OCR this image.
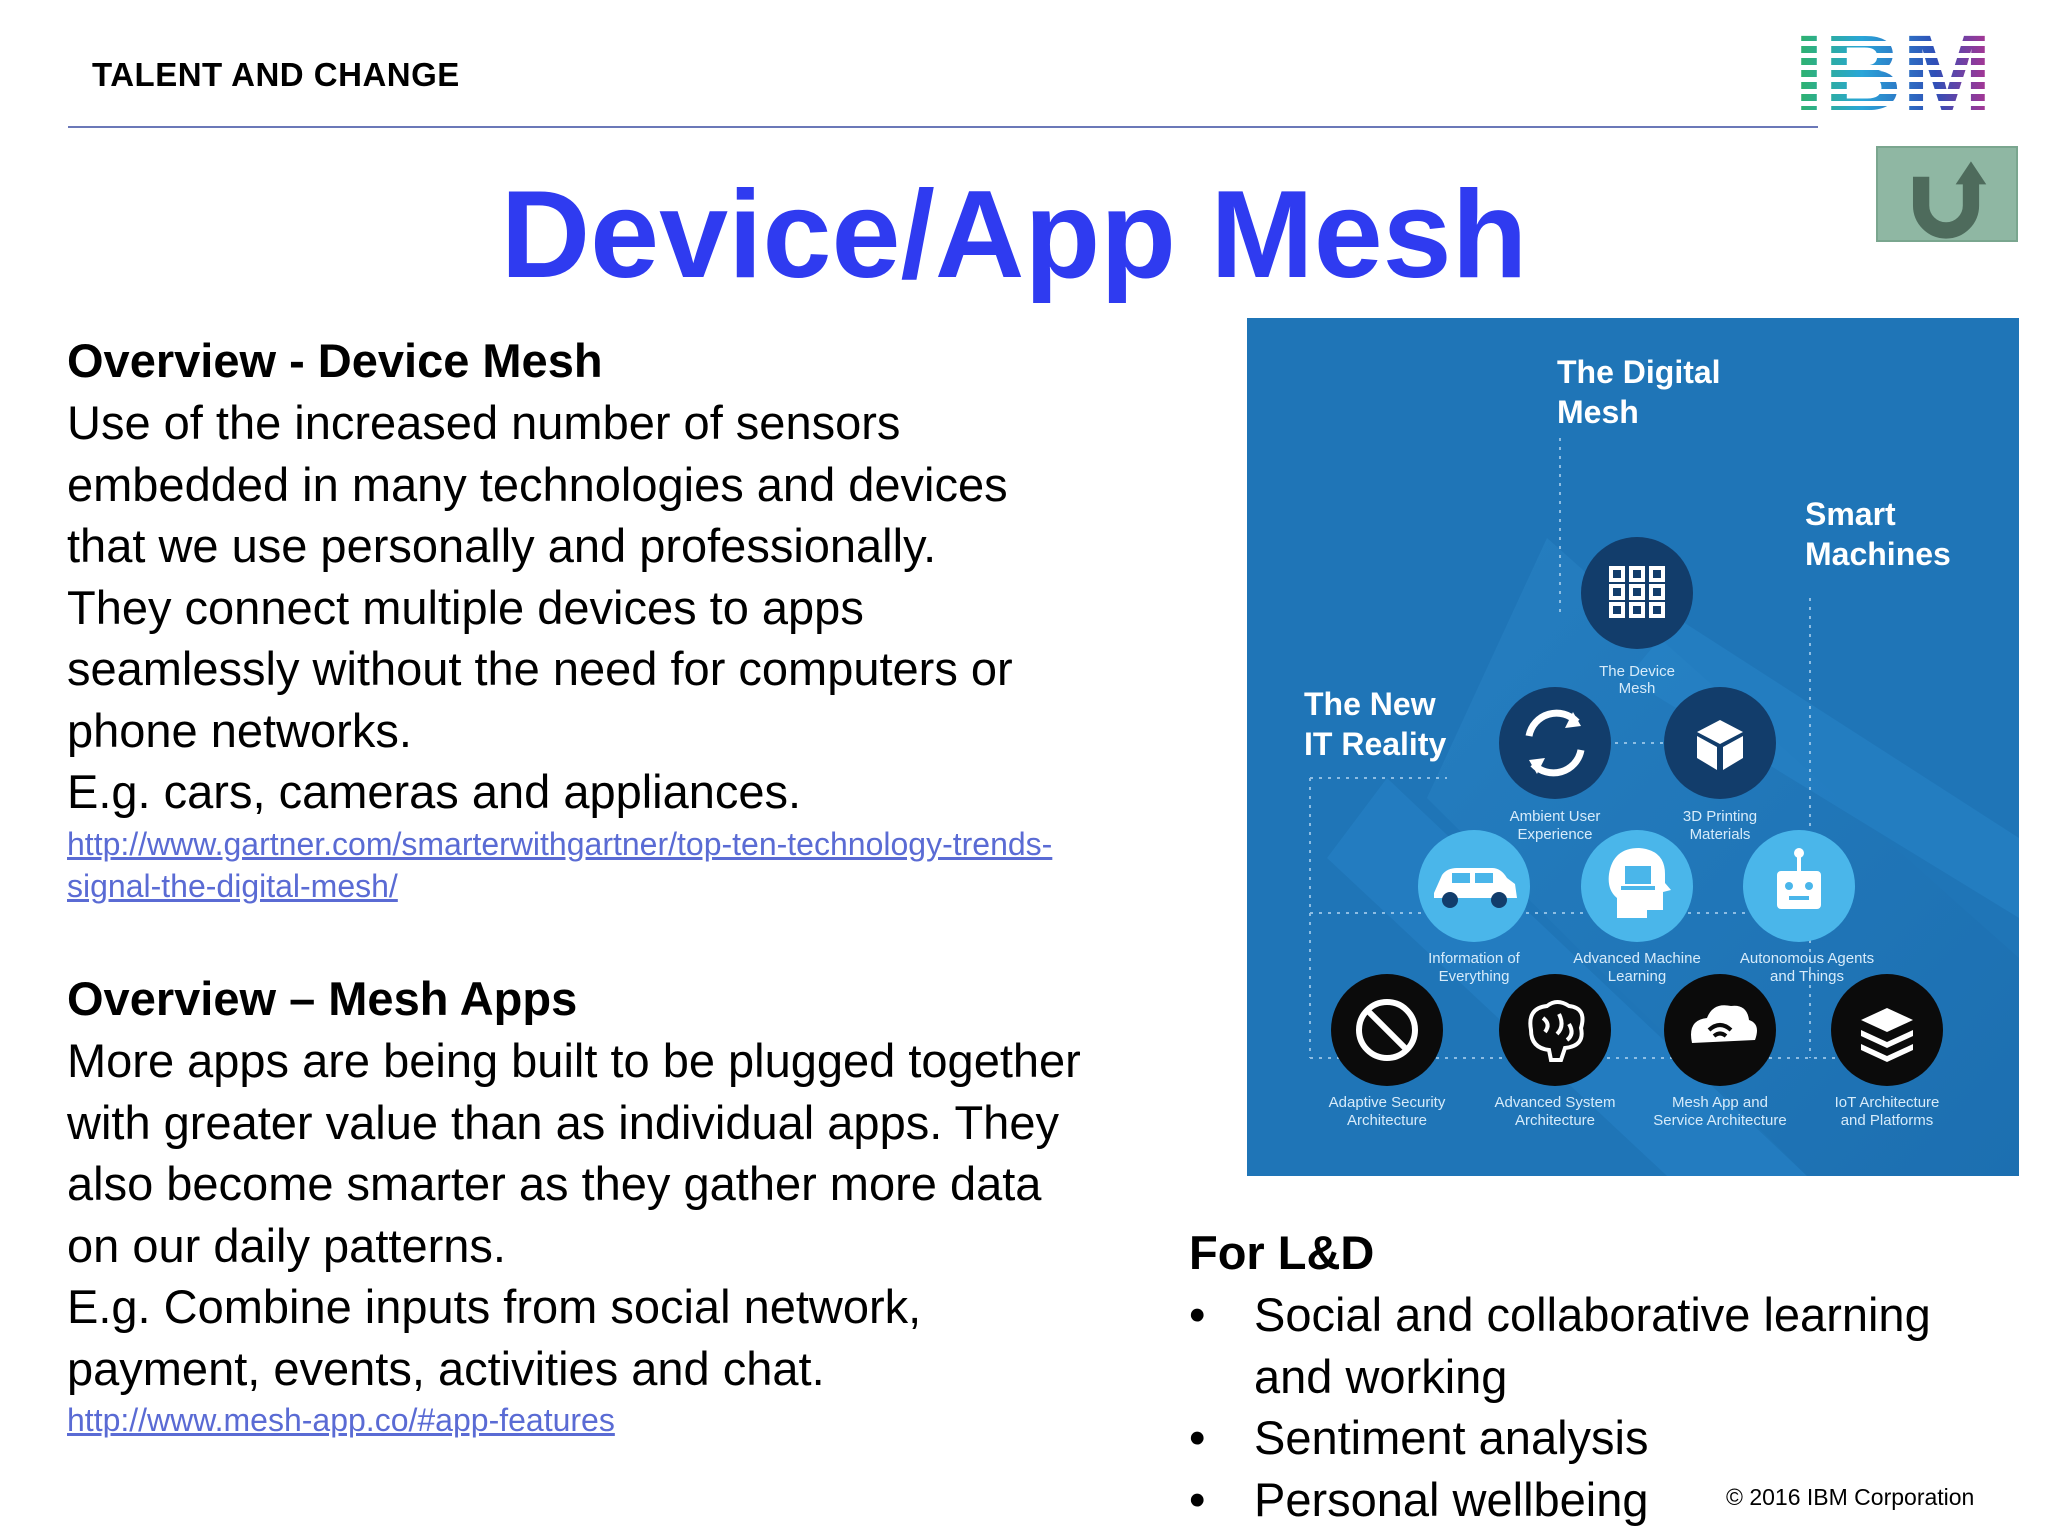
TALENT AND CHANGE	IBM
Device/App Mesh
Overview - Device Mesh
Use of the increased number of sensors
embedded in many technologies and devices
that we use personally and professionally.
They connect multiple devices to apps
seamlessly without the need for computers or
phone networks.
E.g. cars, cameras and appliances.
http://www.gartner.com/smarterwithgartner/top-ten-technology-trends-
signal-the-digital-mesh/
Overview – Mesh Apps
More apps are being built to be plugged together
with greater value than as individual apps. They
also become smarter as they gather more data
on our daily patterns.
E.g. Combine inputs from social network,
payment, events, activities and chat.
http://www.mesh-app.co/#app-features
The Digital
Mesh
Smart
Machines
The New
IT Reality
The Device
Mesh
Ambient User
Experience
3D Printing
Materials
Information of
Everything
Advanced Machine
Learning
Autonomous Agents
and Things
Adaptive Security
Architecture
Advanced System
Architecture
Mesh App and
Service Architecture
IoT Architecture
and Platforms
For L&D
•	Social and collaborative learning
and working
•	Sentiment analysis
•	Personal wellbeing	© 2016 IBM Corporation
